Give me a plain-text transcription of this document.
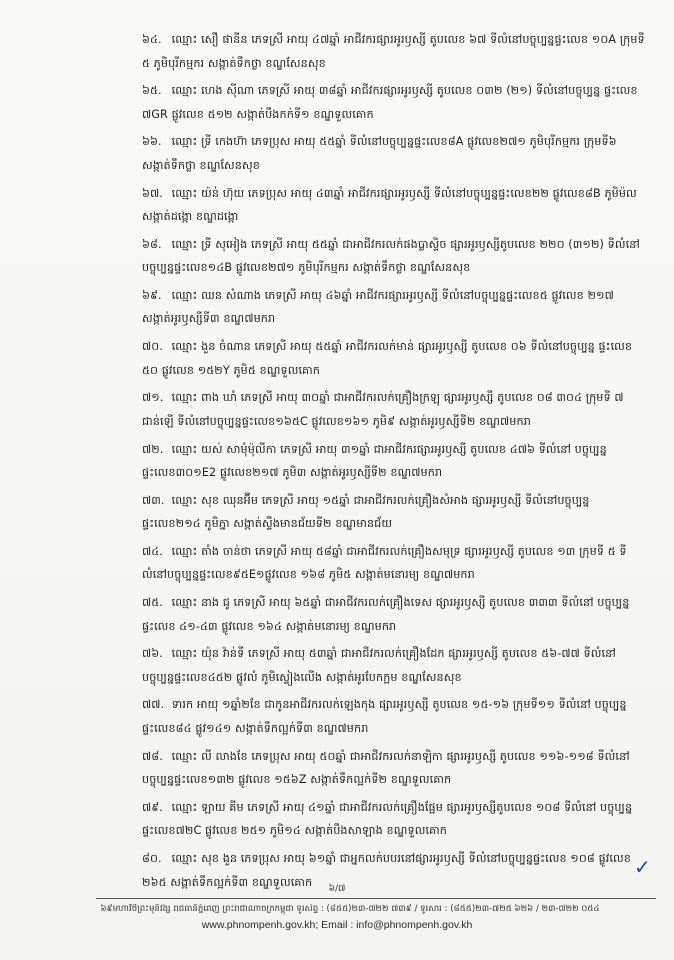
៦៤. ឈ្មោះ សឿ ផានីន ភេទស្រី អាយុ ៤៧ឆ្នាំ អាជីវករផ្សារអូរឫស្សី តូបលេខ ៦៧ ទីលំនៅបច្ចុប្បន្នផ្ទះលេខ ១០A ក្រុមទី ៥ ភូមិបុរីកម្មករ សង្កាត់ទឹកថ្លា ខណ្ឌសែនសុខ
៦៥. ឈ្មោះ ហេង ស៊ីណា ភេទស្រី អាយុ ៣៨ឆ្នាំ អាជីវករផ្សារអូរឫស្សី តូបលេខ ០៣២ (២១) ទីលំនៅបច្ចុប្បន្ន ផ្ទះលេខ ៧GR ផ្លូវលេខ ៥១២ សង្កាត់បឹងកក់ទី១ ខណ្ឌទួលគោក
៦៦. ឈ្មោះ ទ្រី កេងហ៊ា ភេទប្រុស អាយុ ៥៥ឆ្នាំ ទីលំនៅបច្ចុប្បន្នផ្ទះលេខ៨A ផ្លូវលេខ២៧១ ភូមិបុរីកម្មករ ក្រុមទី៦ សង្កាត់ទឹកថ្លា ខណ្ឌសែនសុខ
៦៧. ឈ្មោះ យ៉ន់ ហ៊ុយ ភេទប្រុស អាយុ ៤៣ឆ្នាំ អាជីវករផ្សារអូរឫស្សី ទីលំនៅបច្ចុប្បន្នផ្ទះលេខ២២ ផ្លូវលេខ៨B ភូមិម៉ល សង្កាត់ដង្កោ ខណ្ឌដង្កោ
៦៨. ឈ្មោះ ទ្រី សុអៀង ភេទស្រី អាយុ ៥៥ឆ្នាំ ជាអាជីវករលក់ផងប្លាស្ទិច ផ្សារអូរឫស្សីតូបលេខ ២២០ (៣១២) ទីលំនៅបច្ចុប្បន្នផ្ទះលេខ១៤B ផ្លូវលេខ២៧១ ភូមិបុរីកម្មករ សង្កាត់ទឹកថ្លា ខណ្ឌសែនសុខ
៦៩. ឈ្មោះ ឈន សំណាង ភេទស្រី អាយុ ៤៦ឆ្នាំ អាជីវករផ្សារអូរឫស្សី ទីលំនៅបច្ចុប្បន្នផ្ទះលេខ៥ ផ្លូវលេខ ២១៧ សង្កាត់អូរឫស្សីទី៣ ខណ្ឌ៧មករា
៧០. ឈ្មោះ ងួន ចំណាន ភេទស្រី អាយុ ៥៥ឆ្នាំ អាជីវករលក់មាន់ ផ្សារអូរឫស្សី តូបលេខ ០៦ ទីលំនៅបច្ចុប្បន្ន ផ្ទះលេខ ៥០ ផ្លូវលេខ ១៥២Y ភូមិ៥ ខណ្ឌទួលគោក
៧១. ឈ្មោះ ពាង ឃាំ ភេទស្រី អាយុ ៣០ឆ្នាំ ជាអាជីវករលក់គ្រឿងក្រឡុ ផ្សារអូរឫស្សី តូបលេខ ០៨ ៣០៤ ក្រុមទី ៧ ជាន់ឡើ ទីលំនៅបច្ចុប្បន្នផ្ទះលេខ១៦៥C ផ្លូវលេខ១៦១ ភូមិ៩ សង្កាត់អូរឫស្សីទី២ ខណ្ឌ៧មករា
៧២. ឈ្មោះ យស់ សាមុំម៉ុលីកា ភេទស្រី អាយុ ៣១ឆ្នាំ ជាអាជីវករផ្សារអូរឫស្សី តូបលេខ ៤៧៦ ទីលំនៅ បច្ចុប្បន្នផ្ទះលេខ៣០១E2 ផ្លូវលេខ២១៧ ភូមិ៣ សង្កាត់អូរឫស្សីទី២ ខណ្ឌ៧មករា
៧៣. ឈ្មោះ សុខ ឈុនអ៊ីម ភេទស្រី អាយុ ១៥ឆ្នាំ ជាអាជីវករលក់គ្រឿងសំអាង ផ្សារអូរឫស្សី ទីលំនៅបច្ចុប្បន្ន ផ្ទះលេខ២១៤ ភូមិភ្នា សង្កាត់ស្ទឹងមានជ័យទី២ ខណ្ឌមានជ័យ
៧៤. ឈ្មោះ តាំង ចាន់ថា ភេទស្រី អាយុ ៥៨ឆ្នាំ ជាអាជីវករលក់គ្រឿងសមុទ្រ ផ្សារអូរឫស្សី តូបលេខ ១៣ ក្រុមទី ៥ ទីលំនៅបច្ចុប្បន្នផ្ទះលេខ៩៥E១ផ្លូវលេខ ១៦៨ ភូមិ៥ សង្កាត់មនោរម្យ ខណ្ឌ៧មករា
៧៥. ឈ្មោះ នាង ជូ ភេទស្រី អាយុ ៦៥ឆ្នាំ ជាអាជីវករលក់គ្រឿងទេស ផ្សារអូរឫស្សី តូបលេខ ៣៣៣ ទីលំនៅ បច្ចុប្បន្នផ្ទះលេខ ៤១-៤៣ ផ្លូវលេខ ១៦៤ សង្កាត់មនោរម្យ ខណ្ឌមករា
៧៦. ឈ្មោះ យ៉ុន វ៉ាន់ទី ភេទស្រី អាយុ ៥៣ឆ្នាំ ជាអាជីវករលក់គ្រឿងដែក ផ្សារអូរឫស្សី តូបលេខ ៥៦-៧៧ ទីលំនៅបច្ចុប្បន្នផ្ទះលេខ៤៥២ ផ្លូវលំ ភូមិស្ទៀងលើង សង្កាត់អូរបែកក្អម ខណ្ឌសែនសុខ
៧៧. ទារក អាយុ ១ឆ្នាំ២ខែ ជាកូនអាជីវករលក់ឡេងកុង ផ្សារអូរឫស្សី តូបលេខ ១៥-១៦ ក្រុមទី១១ ទីលំនៅ បច្ចុប្បន្នផ្ទះលេខ៨៤ ផ្លូវ១៤១ សង្កាត់ទឹកល្អក់ទី៣ ខណ្ឌ៧មករា
៧៨. ឈ្មោះ លី លាងខែ ភេទប្រុស អាយុ ៥០ឆ្នាំ ជាអាជីវករលក់នាឡិកា ផ្សារអូរឫស្សី តូបលេខ ១១៦-១១៨ ទីលំនៅបច្ចុប្បន្នផ្ទះលេខ១៣២ ផ្លូវលេខ ១៥៦Z សង្កាត់ទឹកល្អក់ទី២ ខណ្ឌទួលគោក
៧៩. ឈ្មោះ ឡាយ គីម ភេទស្រី អាយុ ៤១ឆ្នាំ ជាអាជីវករលក់គ្រឿងផ្អែម ផ្សារអូរឫស្សីតូបលេខ ១០៨ ទីលំនៅ បច្ចុប្បន្ន ផ្ទះលេខ៧២C ផ្លូវលេខ ២៥១ ភូមិ១៤ សង្កាត់បឹងសាឡាង ខណ្ឌទួលគោក
៨០. ឈ្មោះ សុខ ងួន ភេទប្រុស អាយុ ៦១ឆ្នាំ ជាអ្នកលក់បបរនៅផ្សារអូរឫស្សី ទីលំនៅបច្ចុប្បន្នផ្ទះលេខ ១០៨ ផ្លូវលេខ ២៦៥ សង្កាត់ទឹកល្អក់ទី៣ ខណ្ឌទួលគោក
✓
៦/៧
៦៩មហាវិថីព្រះមុនីវង្ស រាជធានីភ្នំពេញ ព្រះរាជាណាចក្រកម្ពុជា ទូរស័ព្ទ : (៨៥៥)២៣-៧២២ ៧៣៩ / ទូរសារ : (៨៥៥)២៣-៧២៥ ៦២៦ / ២៣-៧២២ ០៥៤
www.phnompenh.gov.kh; Email : info@phnompenh.gov.kh
